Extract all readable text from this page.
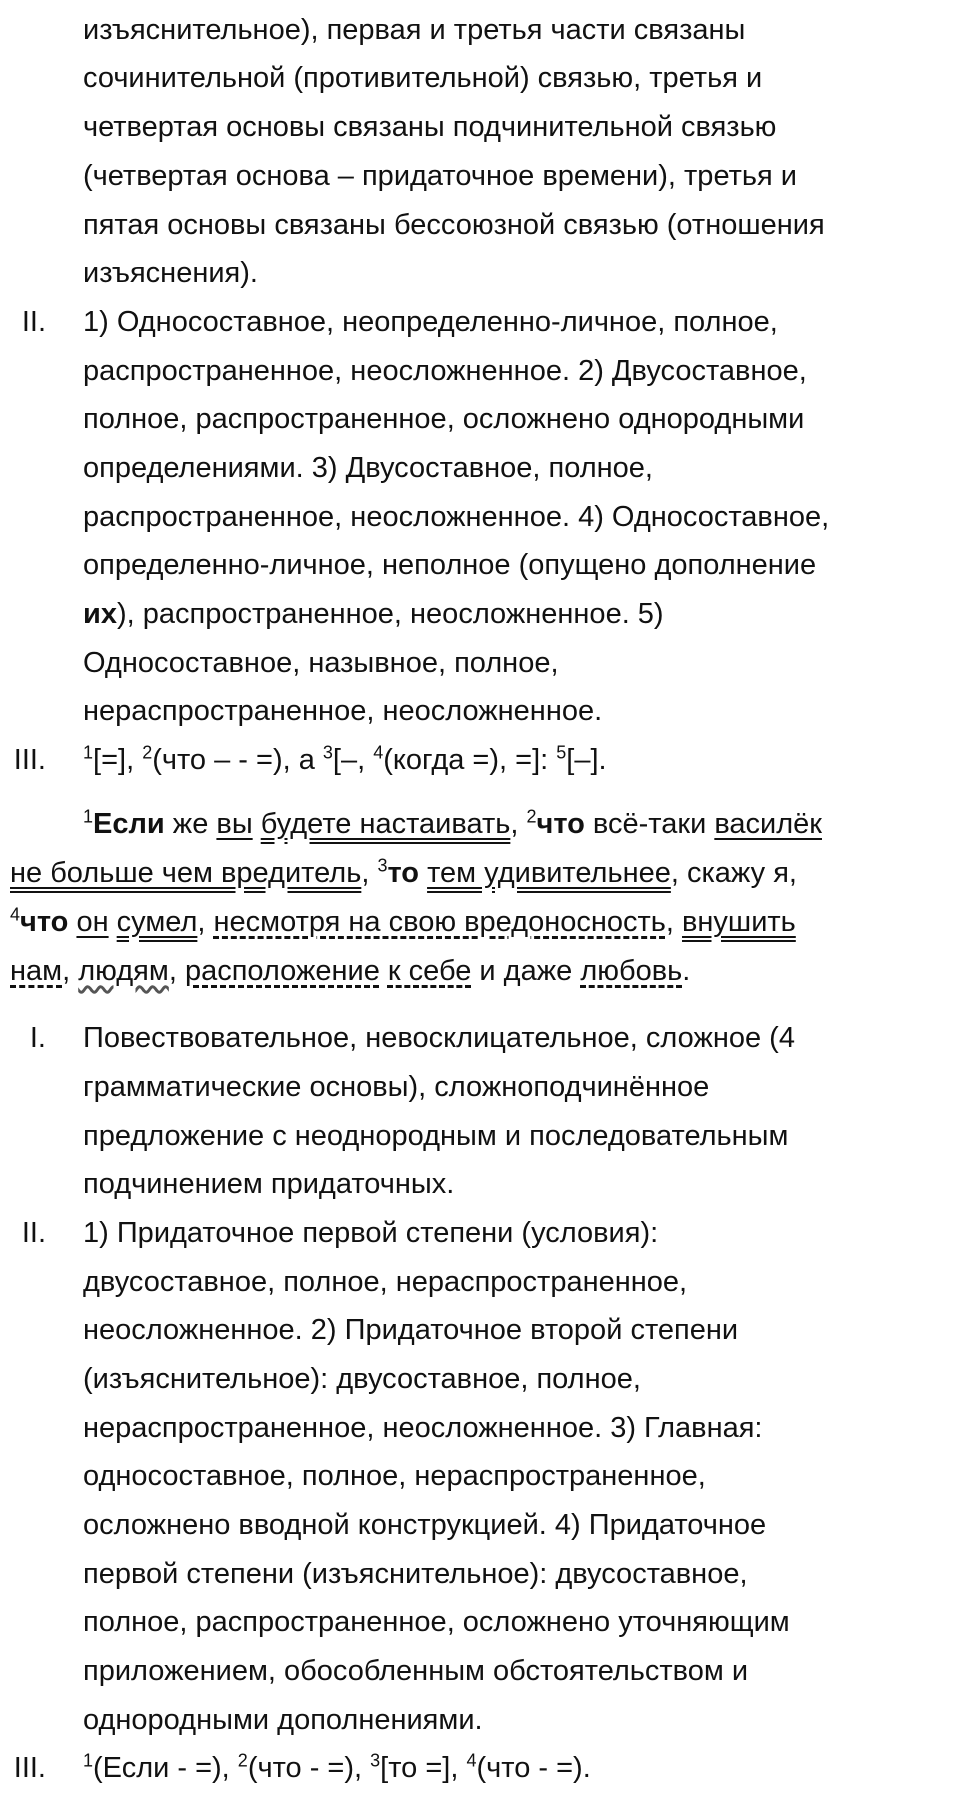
изъяснительное), первая и третья части связаны
сочинительной (противительной) связью, третья и
четвертая основы связаны подчинительной связью
(четвертая основа – придаточное времени), третья и
пятая основы связаны бессоюзной связью (отношения
изъяснения).
II. 1) Односоставное, неопределенно-личное, полное,
распространенное, неосложненное. 2) Двусоставное,
полное, распространенное, осложнено однородными
определениями. 3) Двусоставное, полное,
распространенное, неосложненное. 4) Односоставное,
определенно-личное, неполное (опущено дополнение
их), распространенное, неосложненное. 5)
Односоставное, назывное, полное,
нераспространенное, неосложненное.
III. $^1$[=], $^2$(что – - =), а $^3$[–, $^4$(когда =), =]: $^5$[–].
$^1$Если же вы будете настаивать, $^2$что всё-таки василёк
не больше чем вредитель, $^3$то тем удивительнее, скажу я,
$^4$что он сумел, несмотря на свою вредоносность, внушить
нам, людям, расположение к себе и даже любовь.
I. Повествовательное, невосклицательное, сложное (4
грамматические основы), сложноподчинённое
предложение с неоднородным и последовательным
подчинением придаточных.
II. 1) Придаточное первой степени (условия):
двусоставное, полное, нераспространенное,
неосложненное. 2) Придаточное второй степени
(изъяснительное): двусоставное, полное,
нераспространенное, неосложненное. 3) Главная:
односоставное, полное, нераспространенное,
осложнено вводной конструкцией. 4) Придаточное
первой степени (изъяснительное): двусоставное,
полное, распространенное, осложнено уточняющим
приложением, обособленным обстоятельством и
однородными дополнениями.
III. $^1$(Если - =), $^2$(что - =), $^3$[то =], $^4$(что - =).
